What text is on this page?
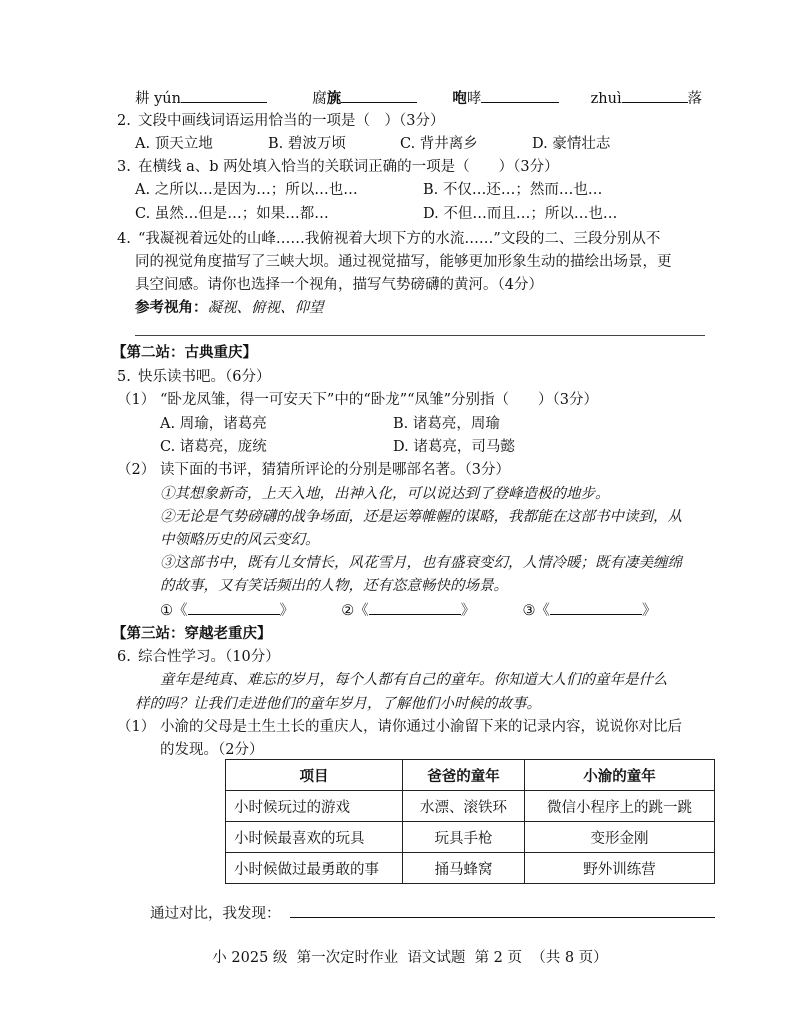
耕 yún	腐旐	咆哮	zhuì	落
2. 文段中画线词语运用恰当的一项是（　）（3分）
A. 顶天立地	B. 碧波万顷	C. 背井离乡	D. 豪情壮志
3. 在横线 a、b 两处填入恰当的关联词正确的一项是（　　）（3分）
A. 之所以…是因为…；所以…也…	B. 不仅…还…；然而…也…
C. 虽然…但是…；如果…都…	D. 不但…而且…；所以…也…
4. “我凝视着远处的山峰……我俯视着大坝下方的水流……”文段的二、三段分别从不
同的视觉角度描写了三峡大坝。通过视觉描写，能够更加形象生动的描绘出场景，更
具空间感。请你也选择一个视角，描写气势磅礴的黄河。（4分）
参考视角：凝视、俯视、仰望
【第二站：古典重庆】
5. 快乐读书吧。（6分）
（1） “卧龙凤雏，得一可安天下”中的“卧龙”“凤雏”分别指（　　）（3分）
A. 周瑜，诸葛亮	B. 诸葛亮，周瑜
C. 诸葛亮，庞统	D. 诸葛亮，司马懿
（2） 读下面的书评，猜猜所评论的分别是哪部名著。（3分）
①其想象新奇，上天入地，出神入化，可以说达到了登峰造极的地步。
②无论是气势磅礴的战争场面，还是运筹帷幄的谋略，我都能在这部书中读到，从
中领略历史的风云变幻。
③这部书中，既有儿女情长，风花雪月，也有盛衰变幻，人情冷暖；既有凄美缠绵
的故事，又有笑话频出的人物，还有恣意畅快的场景。
①《	》	②《	》	③《	》
【第三站：穿越老重庆】
6. 综合性学习。（10分）
童年是纯真、难忘的岁月，每个人都有自己的童年。你知道大人们的童年是什么
样的吗？让我们走进他们的童年岁月，了解他们小时候的故事。
（1） 小渝的父母是土生土长的重庆人，请你通过小渝留下来的记录内容，说说你对比后
的发现。（2分）
项目	爸爸的童年	小渝的童年
小时候玩过的游戏	水漂、滚铁环	微信小程序上的跳一跳
小时候最喜欢的玩具	玩具手枪	变形金刚
小时候做过最勇敢的事	捅马蜂窝	野外训练营
通过对比，我发现：
小 2025 级  第一次定时作业  语文试题  第 2 页  （共 8 页）
